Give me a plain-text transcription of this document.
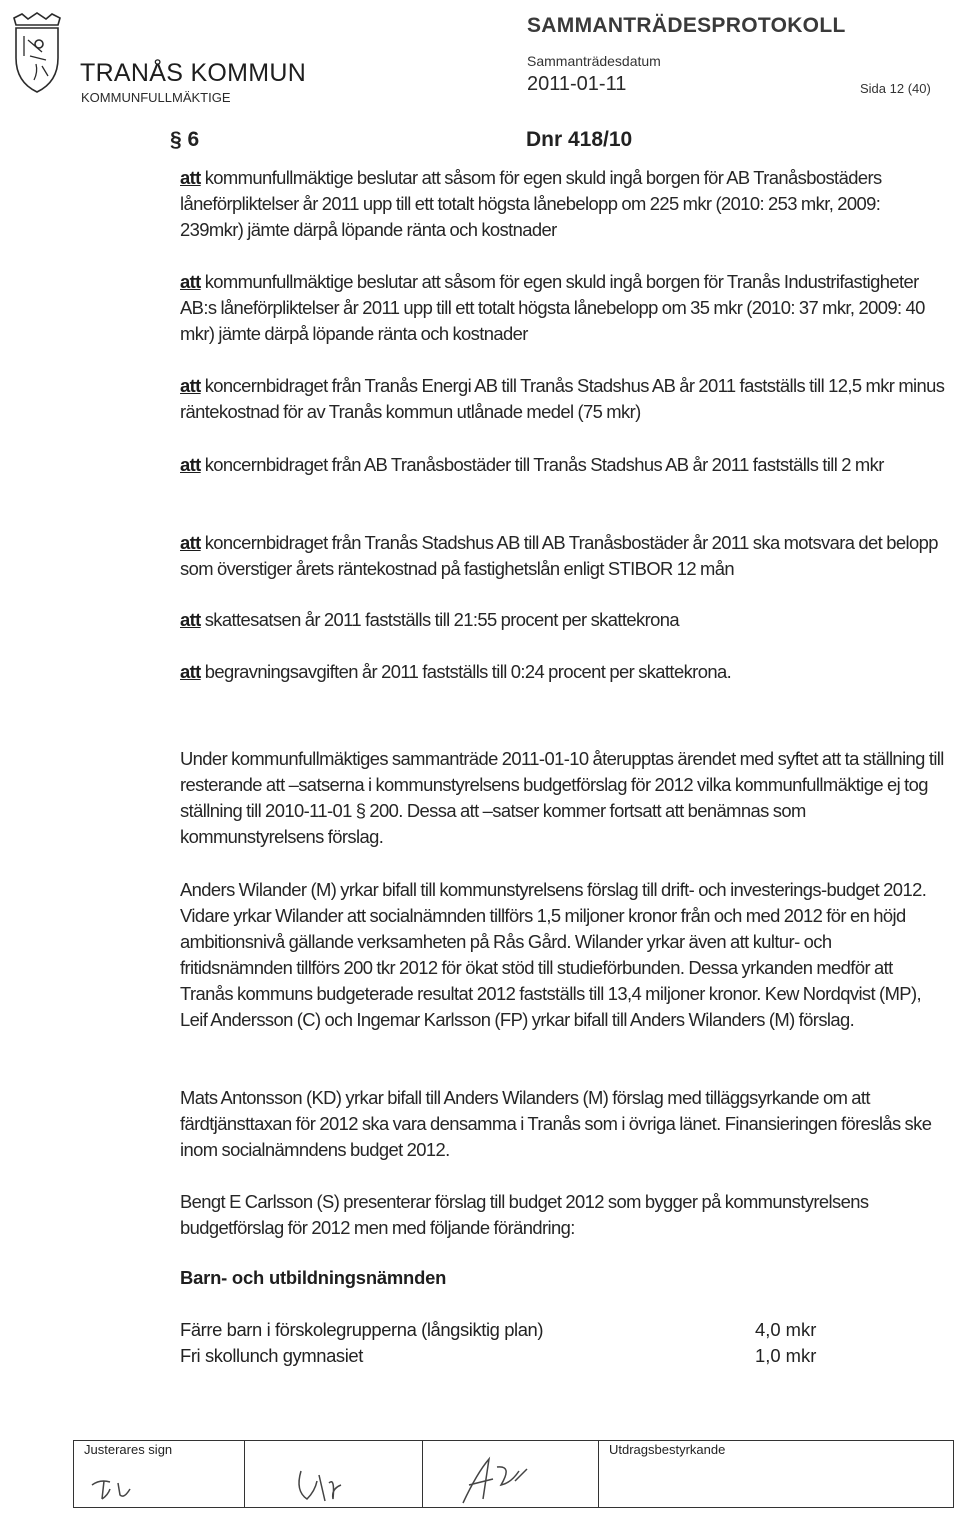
TRANÅS KOMMUN
KOMMUNFULLMÄKTIGE
SAMMANTRÄDESPROTOKOLL
Sammanträdesdatum
2011-01-11	Sida 12 (40)
§ 6	Dnr 418/10
att kommunfullmäktige beslutar att såsom för egen skuld ingå borgen för AB Tranåsbostäders låneförpliktelser år 2011 upp till ett totalt högsta lånebelopp om 225 mkr (2010: 253 mkr, 2009: 239mkr) jämte därpå löpande ränta och kostnader
att kommunfullmäktige beslutar att såsom för egen skuld ingå borgen för Tranås Industrifastigheter AB:s låneförpliktelser år 2011 upp till ett totalt högsta lånebelopp om 35 mkr (2010: 37 mkr, 2009: 40 mkr) jämte därpå löpande ränta och kostnader
att koncernbidraget från Tranås Energi AB till Tranås Stadshus AB år 2011 fastställs till 12,5 mkr minus räntekostnad för av Tranås kommun utlånade medel (75 mkr)
att koncernbidraget från AB Tranåsbostäder till Tranås Stadshus AB år 2011 fastställs till 2 mkr
att koncernbidraget från Tranås Stadshus AB till AB Tranåsbostäder år 2011 ska motsvara det belopp som överstiger årets räntekostnad på fastighetslån enligt STIBOR 12 mån
att skattesatsen år 2011 fastställs till 21:55 procent per skattekrona
att begravningsavgiften år 2011 fastställs till 0:24 procent per skattekrona.
Under kommunfullmäktiges sammanträde 2011-01-10 återupptas ärendet med syftet att ta ställning till resterande att –satserna i kommunstyrelsens budgetförslag för 2012 vilka kommunfullmäktige ej tog ställning till 2010-11-01 § 200. Dessa att –satser kommer fortsatt att benämnas som kommunstyrelsens förslag.
Anders Wilander (M) yrkar bifall till kommunstyrelsens förslag till drift- och investerings-budget 2012. Vidare yrkar Wilander att socialnämnden tillförs 1,5 miljoner kronor från och med 2012 för en höjd ambitionsnivå gällande verksamheten på Rås Gård. Wilander yrkar även att kultur- och fritidsnämnden tillförs 200 tkr 2012 för ökat stöd till studieförbunden. Dessa yrkanden medför att Tranås kommuns budgeterade resultat 2012 fastställs till 13,4 miljoner kronor. Kew Nordqvist (MP), Leif Andersson (C) och Ingemar Karlsson (FP) yrkar bifall till Anders Wilanders (M) förslag.
Mats Antonsson (KD) yrkar bifall till Anders Wilanders (M) förslag med tilläggsyrkande om att färdtjänsttaxan för 2012 ska vara densamma i Tranås som i övriga länet. Finansieringen föreslås ske inom socialnämndens budget 2012.
Bengt E Carlsson (S) presenterar förslag till budget 2012 som bygger på kommunstyrelsens budgetförslag för 2012 men med följande förändring:
Barn- och utbildningsnämnden
Färre barn i förskolegrupperna (långsiktig plan)	4,0 mkr
Fri skollunch gymnasiet	1,0 mkr
Justerares sign	Utdragsbestyrkande
